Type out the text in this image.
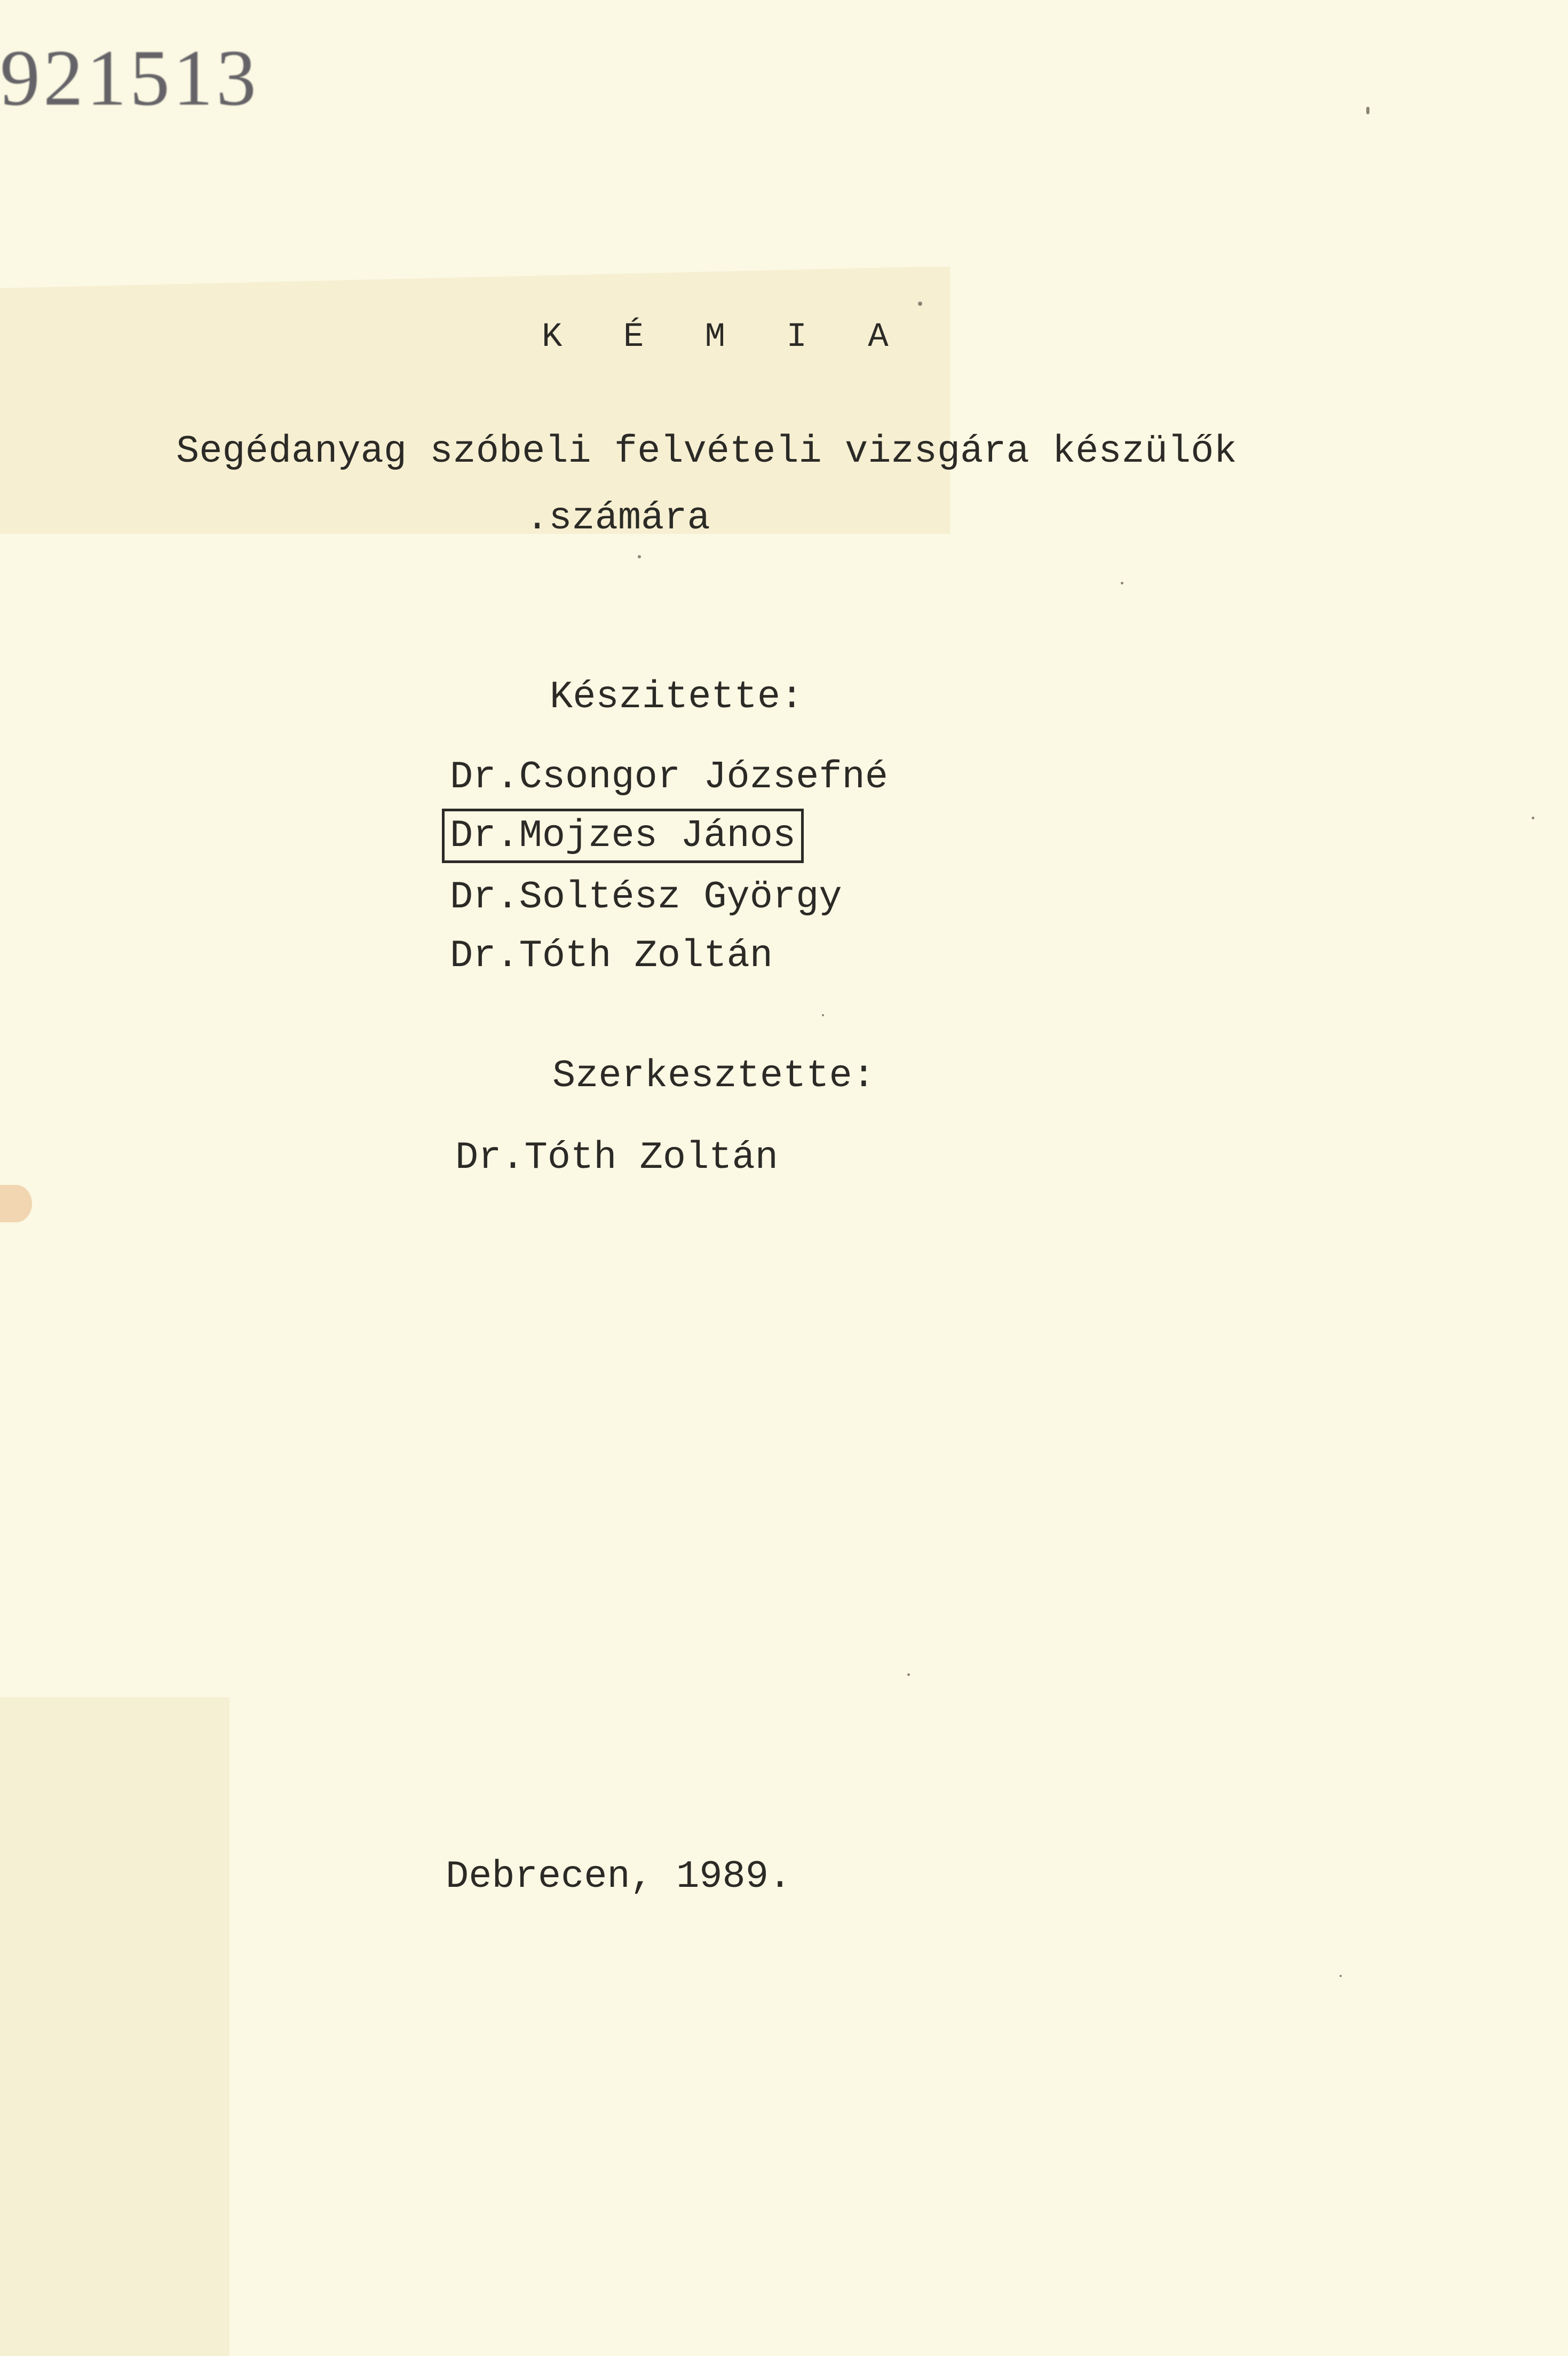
921513
K É M I A
Segédanyag szóbeli felvételi vizsgára készülők
.számára
Készitette:
Dr.Csongor Józsefné
Dr.Mojzes János
Dr.Soltész György
Dr.Tóth Zoltán
Szerkesztette:
Dr.Tóth Zoltán
Debrecen, 1989.
